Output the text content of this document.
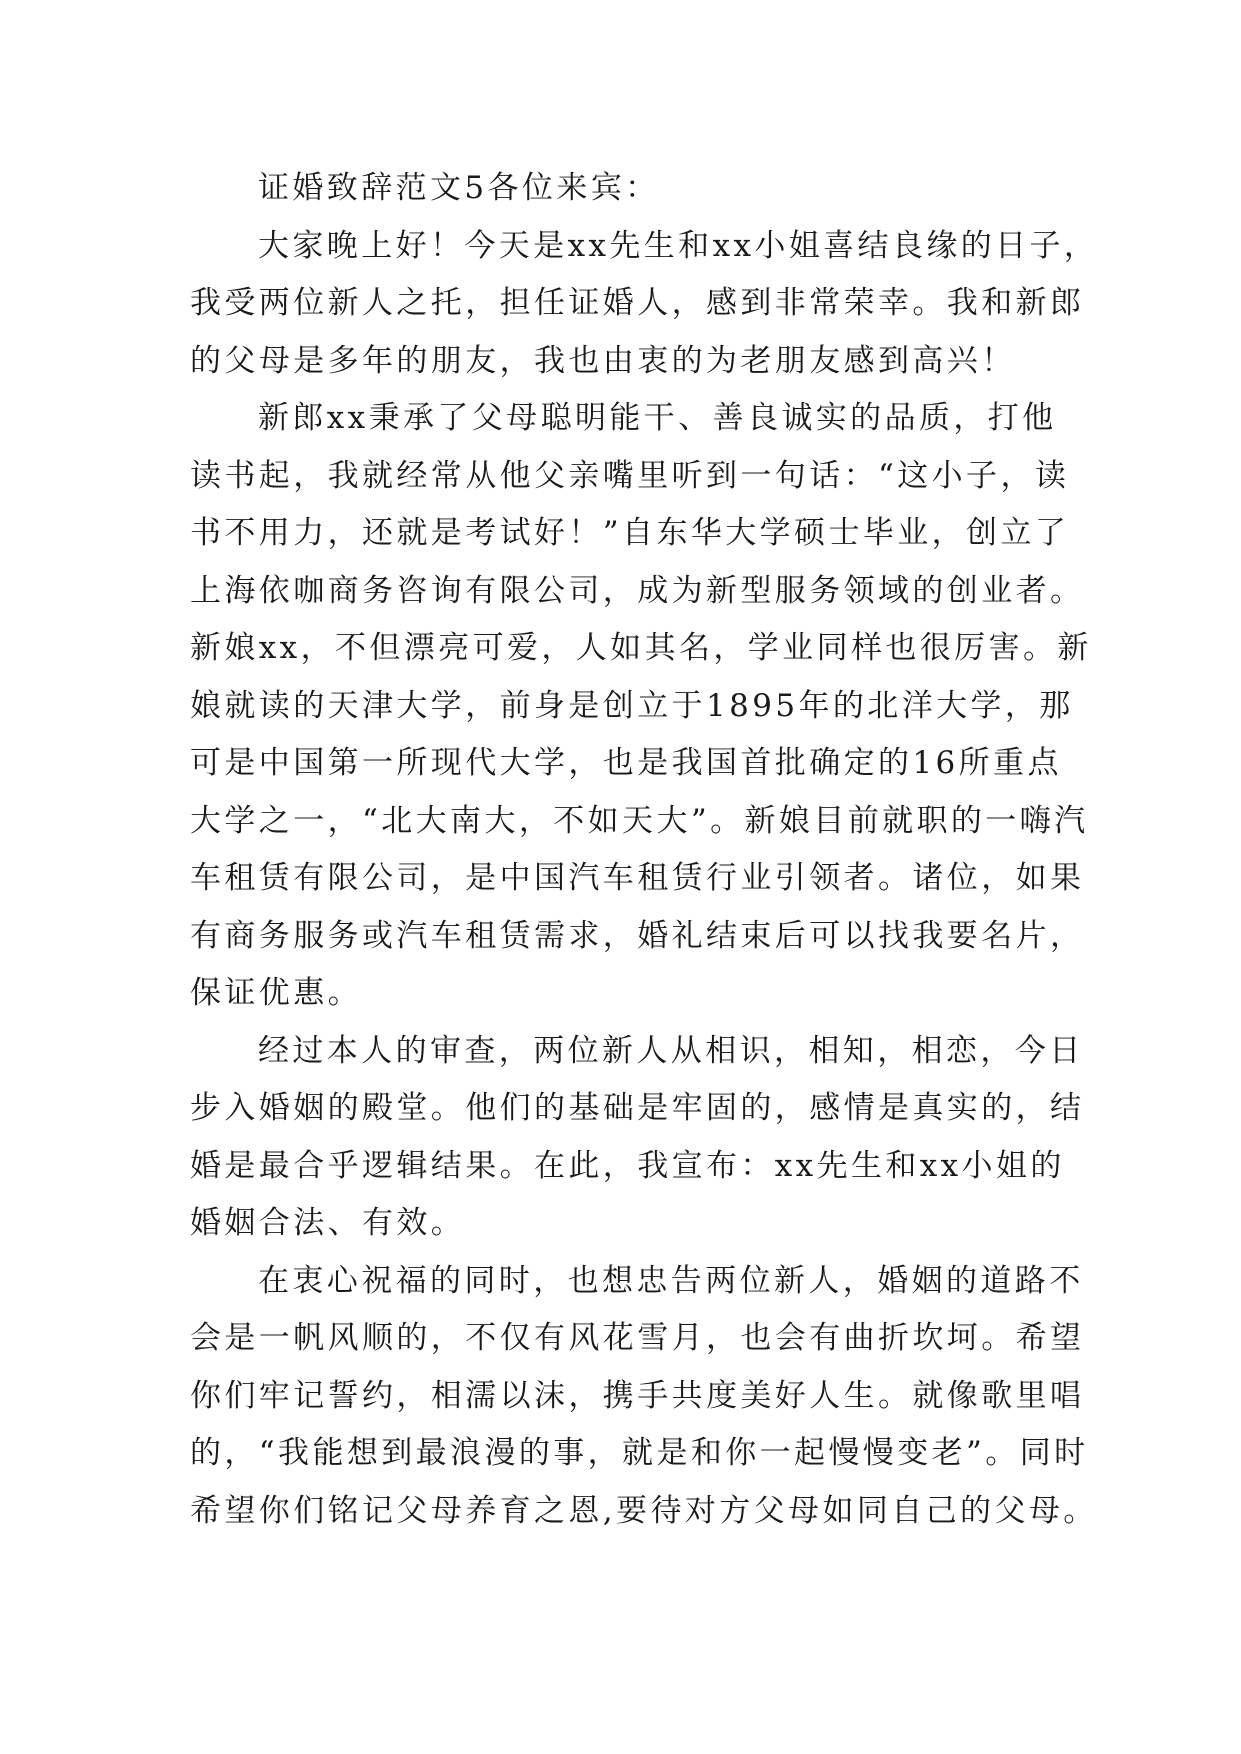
证婚致辞范文5各位来宾：
大家晚上好！今天是xx先生和xx小姐喜结良缘的日子，
我受两位新人之托，担任证婚人，感到非常荣幸。我和新郎
的父母是多年的朋友，我也由衷的为老朋友感到高兴！
新郎xx秉承了父母聪明能干、善良诚实的品质，打他
读书起，我就经常从他父亲嘴里听到一句话：“这小子，读
书不用力，还就是考试好！”自东华大学硕士毕业，创立了
上海依咖商务咨询有限公司，成为新型服务领域的创业者。
新娘xx，不但漂亮可爱，人如其名，学业同样也很厉害。新
娘就读的天津大学，前身是创立于1895年的北洋大学，那
可是中国第一所现代大学，也是我国首批确定的16所重点
大学之一，“北大南大，不如天大”。新娘目前就职的一嗨汽
车租赁有限公司，是中国汽车租赁行业引领者。诸位，如果
有商务服务或汽车租赁需求，婚礼结束后可以找我要名片，
保证优惠。
经过本人的审查，两位新人从相识，相知，相恋，今日
步入婚姻的殿堂。他们的基础是牢固的，感情是真实的，结
婚是最合乎逻辑结果。在此，我宣布：xx先生和xx小姐的
婚姻合法、有效。
在衷心祝福的同时，也想忠告两位新人，婚姻的道路不
会是一帆风顺的，不仅有风花雪月，也会有曲折坎坷。希望
你们牢记誓约，相濡以沫，携手共度美好人生。就像歌里唱
的，“我能想到最浪漫的事，就是和你一起慢慢变老”。同时
希望你们铭记父母养育之恩,要待对方父母如同自己的父母。
